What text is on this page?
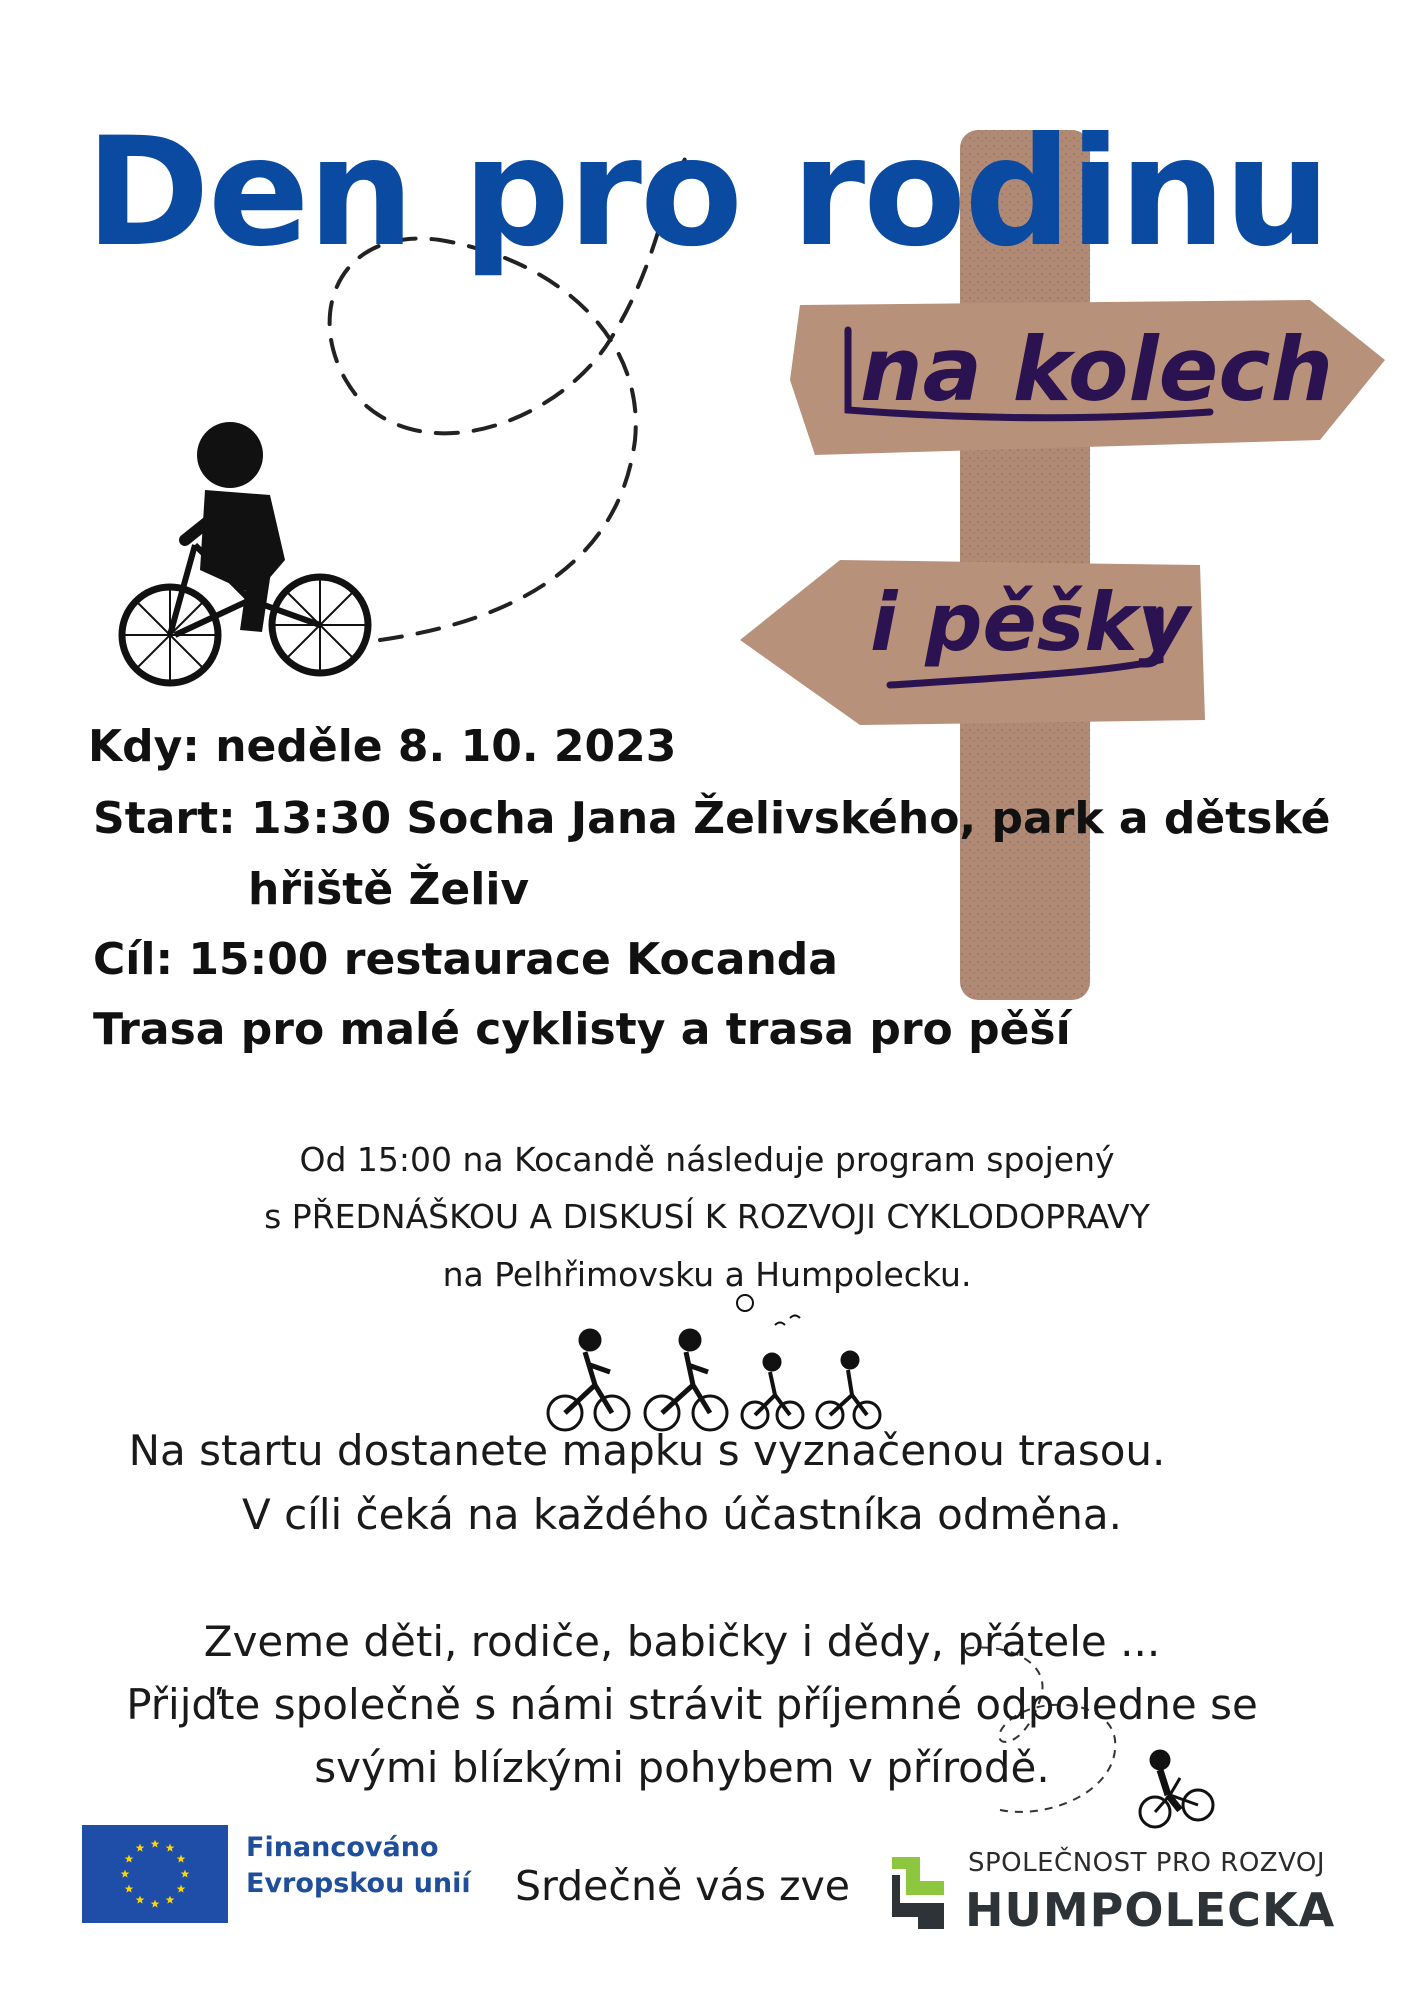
na kolech
i pěšky
Den pro rodinu
Kdy: neděle 8. 10. 2023
Start: 13:30 Socha Jana Želivského, park a dětské
hřiště Želiv
Cíl: 15:00 restaurace Kocanda
Trasa pro malé cyklisty a trasa pro pěší
Od 15:00 na Kocandě následuje program spojený
s PŘEDNÁŠKOU A DISKUSÍ K ROZVOJI CYKLODOPRAVY
na Pelhřimovsku a Humpolecku.
Na startu dostanete mapku s vyznačenou trasou.
V cíli čeká na každého účastníka odměna.
Zveme děti, rodiče, babičky i dědy, přátele ...
Přijďte společně s námi strávit příjemné odpoledne se
svými blízkými pohybem v přírodě.
Financováno
Evropskou unií Srdečně vás zve	SPOLEČNOST PRO ROZVOJ
HUMPOLECKA
